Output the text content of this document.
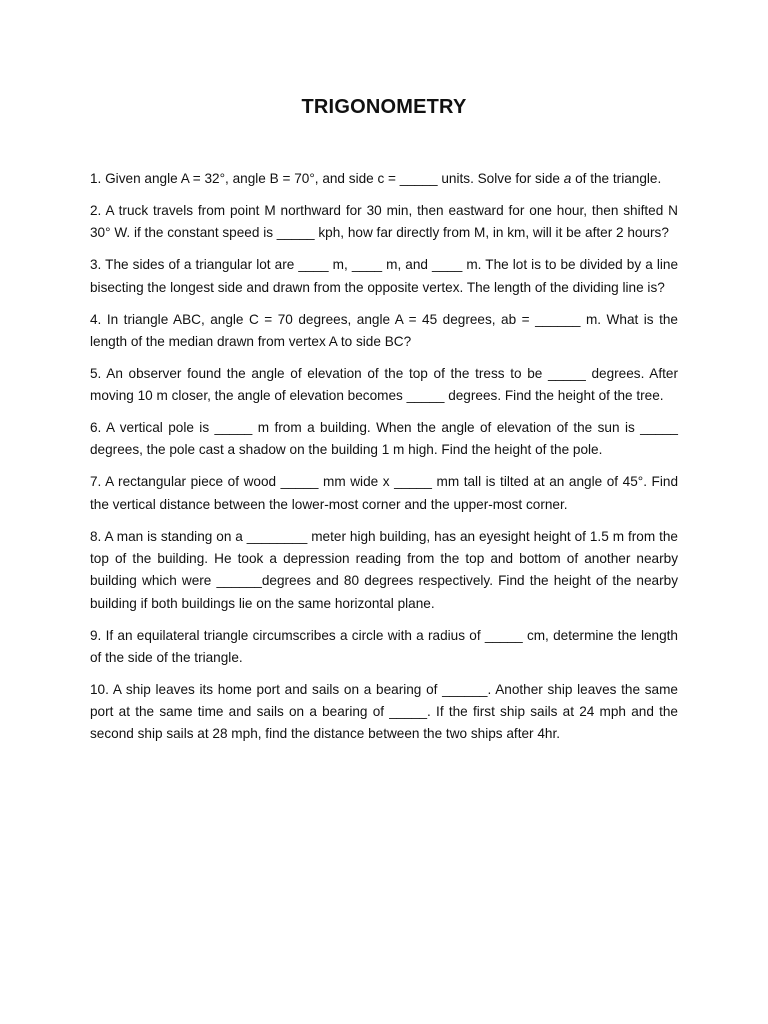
TRIGONOMETRY
1. Given angle A = 32°, angle B = 70°, and side c = _____ units. Solve for side a of the triangle.
2. A truck travels from point M northward for 30 min, then eastward for one hour, then shifted N 30° W. if the constant speed is _____ kph, how far directly from M, in km, will it be after 2 hours?
3. The sides of a triangular lot are ____ m, ____ m, and ____ m. The lot is to be divided by a line bisecting the longest side and drawn from the opposite vertex. The length of the dividing line is?
4. In triangle ABC, angle C = 70 degrees, angle A = 45 degrees, ab = ______ m. What is the length of the median drawn from vertex A to side BC?
5. An observer found the angle of elevation of the top of the tress to be _____ degrees. After moving 10 m closer, the angle of elevation becomes _____ degrees. Find the height of the tree.
6. A vertical pole is _____ m from a building. When the angle of elevation of the sun is _____ degrees, the pole cast a shadow on the building 1 m high. Find the height of the pole.
7. A rectangular piece of wood _____ mm wide x _____ mm tall is tilted at an angle of 45°. Find the vertical distance between the lower-most corner and the upper-most corner.
8. A man is standing on a ________ meter high building, has an eyesight height of 1.5 m from the top of the building. He took a depression reading from the top and bottom of another nearby building which were ______degrees and 80 degrees respectively. Find the height of the nearby building if both buildings lie on the same horizontal plane.
9. If an equilateral triangle circumscribes a circle with a radius of _____ cm, determine the length of the side of the triangle.
10. A ship leaves its home port and sails on a bearing of ______. Another ship leaves the same port at the same time and sails on a bearing of _____. If the first ship sails at 24 mph and the second ship sails at 28 mph, find the distance between the two ships after 4hr.
